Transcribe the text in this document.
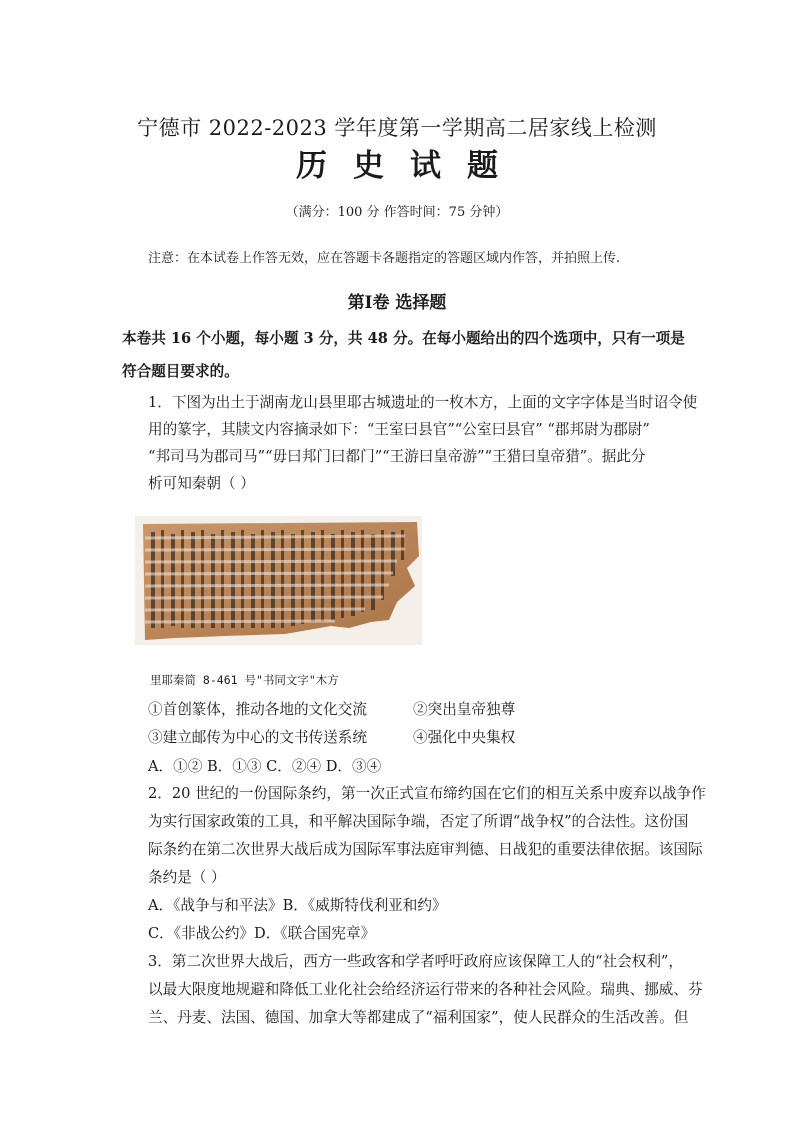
宁德市 2022-2023 学年度第一学期高二居家线上检测
历史试题
（满分：100 分 作答时间：75 分钟）
注意：在本试卷上作答无效，应在答题卡各题指定的答题区域内作答，并拍照上传.
第Ⅰ卷 选择题
本卷共 16 个小题，每小题 3 分，共 48 分。在每小题给出的四个选项中，只有一项是
符合题目要求的。
1．下图为出土于湖南龙山县里耶古城遗址的一枚木方，上面的文字字体是当时诏令使
用的篆字，其牍文内容摘录如下：“王室曰县官”“公室曰县官” “郡邦尉为郡尉”
“邦司马为郡司马”“毋曰邦门曰都门”“王游曰皇帝游”“王猎曰皇帝猎”。据此分
析可知秦朝（ ）
里耶秦简 8-461 号"书同文字"木方
①首创篆体，推动各地的文化交流	②突出皇帝独尊
③建立邮传为中心的文书传送系统	④强化中央集权
A．①② B．①③ C．②④ D．③④
2．20 世纪的一份国际条约，第一次正式宣布缔约国在它们的相互关系中废弃以战争作
为实行国家政策的工具，和平解决国际争端，否定了所谓“战争权”的合法性。这份国
际条约在第二次世界大战后成为国际军事法庭审判德、日战犯的重要法律依据。该国际
条约是（ ）
A．《战争与和平法》B．《威斯特伐利亚和约》
C．《非战公约》D．《联合国宪章》
3．第二次世界大战后，西方一些政客和学者呼吁政府应该保障工人的“社会权利”，
以最大限度地规避和降低工业化社会给经济运行带来的各种社会风险。瑞典、挪威、芬
兰、丹麦、法国、德国、加拿大等都建成了“福利国家”，使人民群众的生活改善。但
